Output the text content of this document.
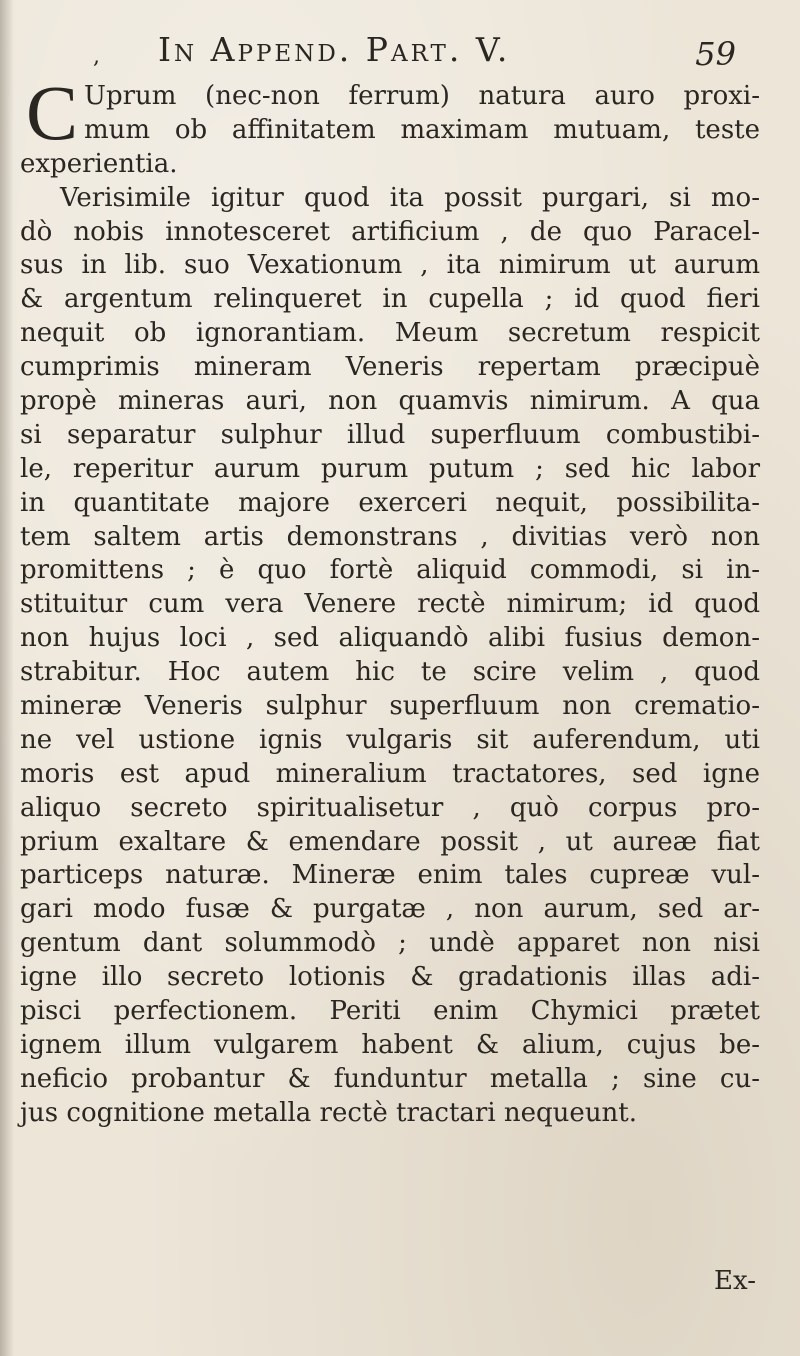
, In Append. Part. V.	59
C Uprum (nec-non ferrum) natura auro proxi-
mum ob affinitatem maximam mutuam, teste
experientia.
Verisimile igitur quod ita possit purgari, si mo-
dò nobis innotesceret artificium , de quo Paracel-
sus in lib. suo Vexationum , ita nimirum ut aurum
& argentum relinqueret in cupella ; id quod fieri
nequit ob ignorantiam. Meum secretum respicit
cumprimis mineram Veneris repertam præcipuè
propè mineras auri, non quamvis nimirum. A qua
si separatur sulphur illud superfluum combustibi-
le, reperitur aurum purum putum ; sed hic labor
in quantitate majore exerceri nequit, possibilita-
tem saltem artis demonstrans , divitias verò non
promittens ; è quo fortè aliquid commodi, si in-
stituitur cum vera Venere rectè nimirum; id quod
non hujus loci , sed aliquandò alibi fusius demon-
strabitur. Hoc autem hic te scire velim , quod
mineræ Veneris sulphur superfluum non crematio-
ne vel ustione ignis vulgaris sit auferendum, uti
moris est apud mineralium tractatores, sed igne
aliquo secreto spiritualisetur , quò corpus pro-
prium exaltare & emendare possit , ut aureæ fiat
particeps naturæ. Mineræ enim tales cupreæ vul-
gari modo fusæ & purgatæ , non aurum, sed ar-
gentum dant solummodò ; undè apparet non nisi
igne illo secreto lotionis & gradationis illas adi-
pisci perfectionem. Periti enim Chymici prætet
ignem illum vulgarem habent & alium, cujus be-
neficio probantur & funduntur metalla ; sine cu-
jus cognitione metalla rectè tractari nequeunt.
Ex-
